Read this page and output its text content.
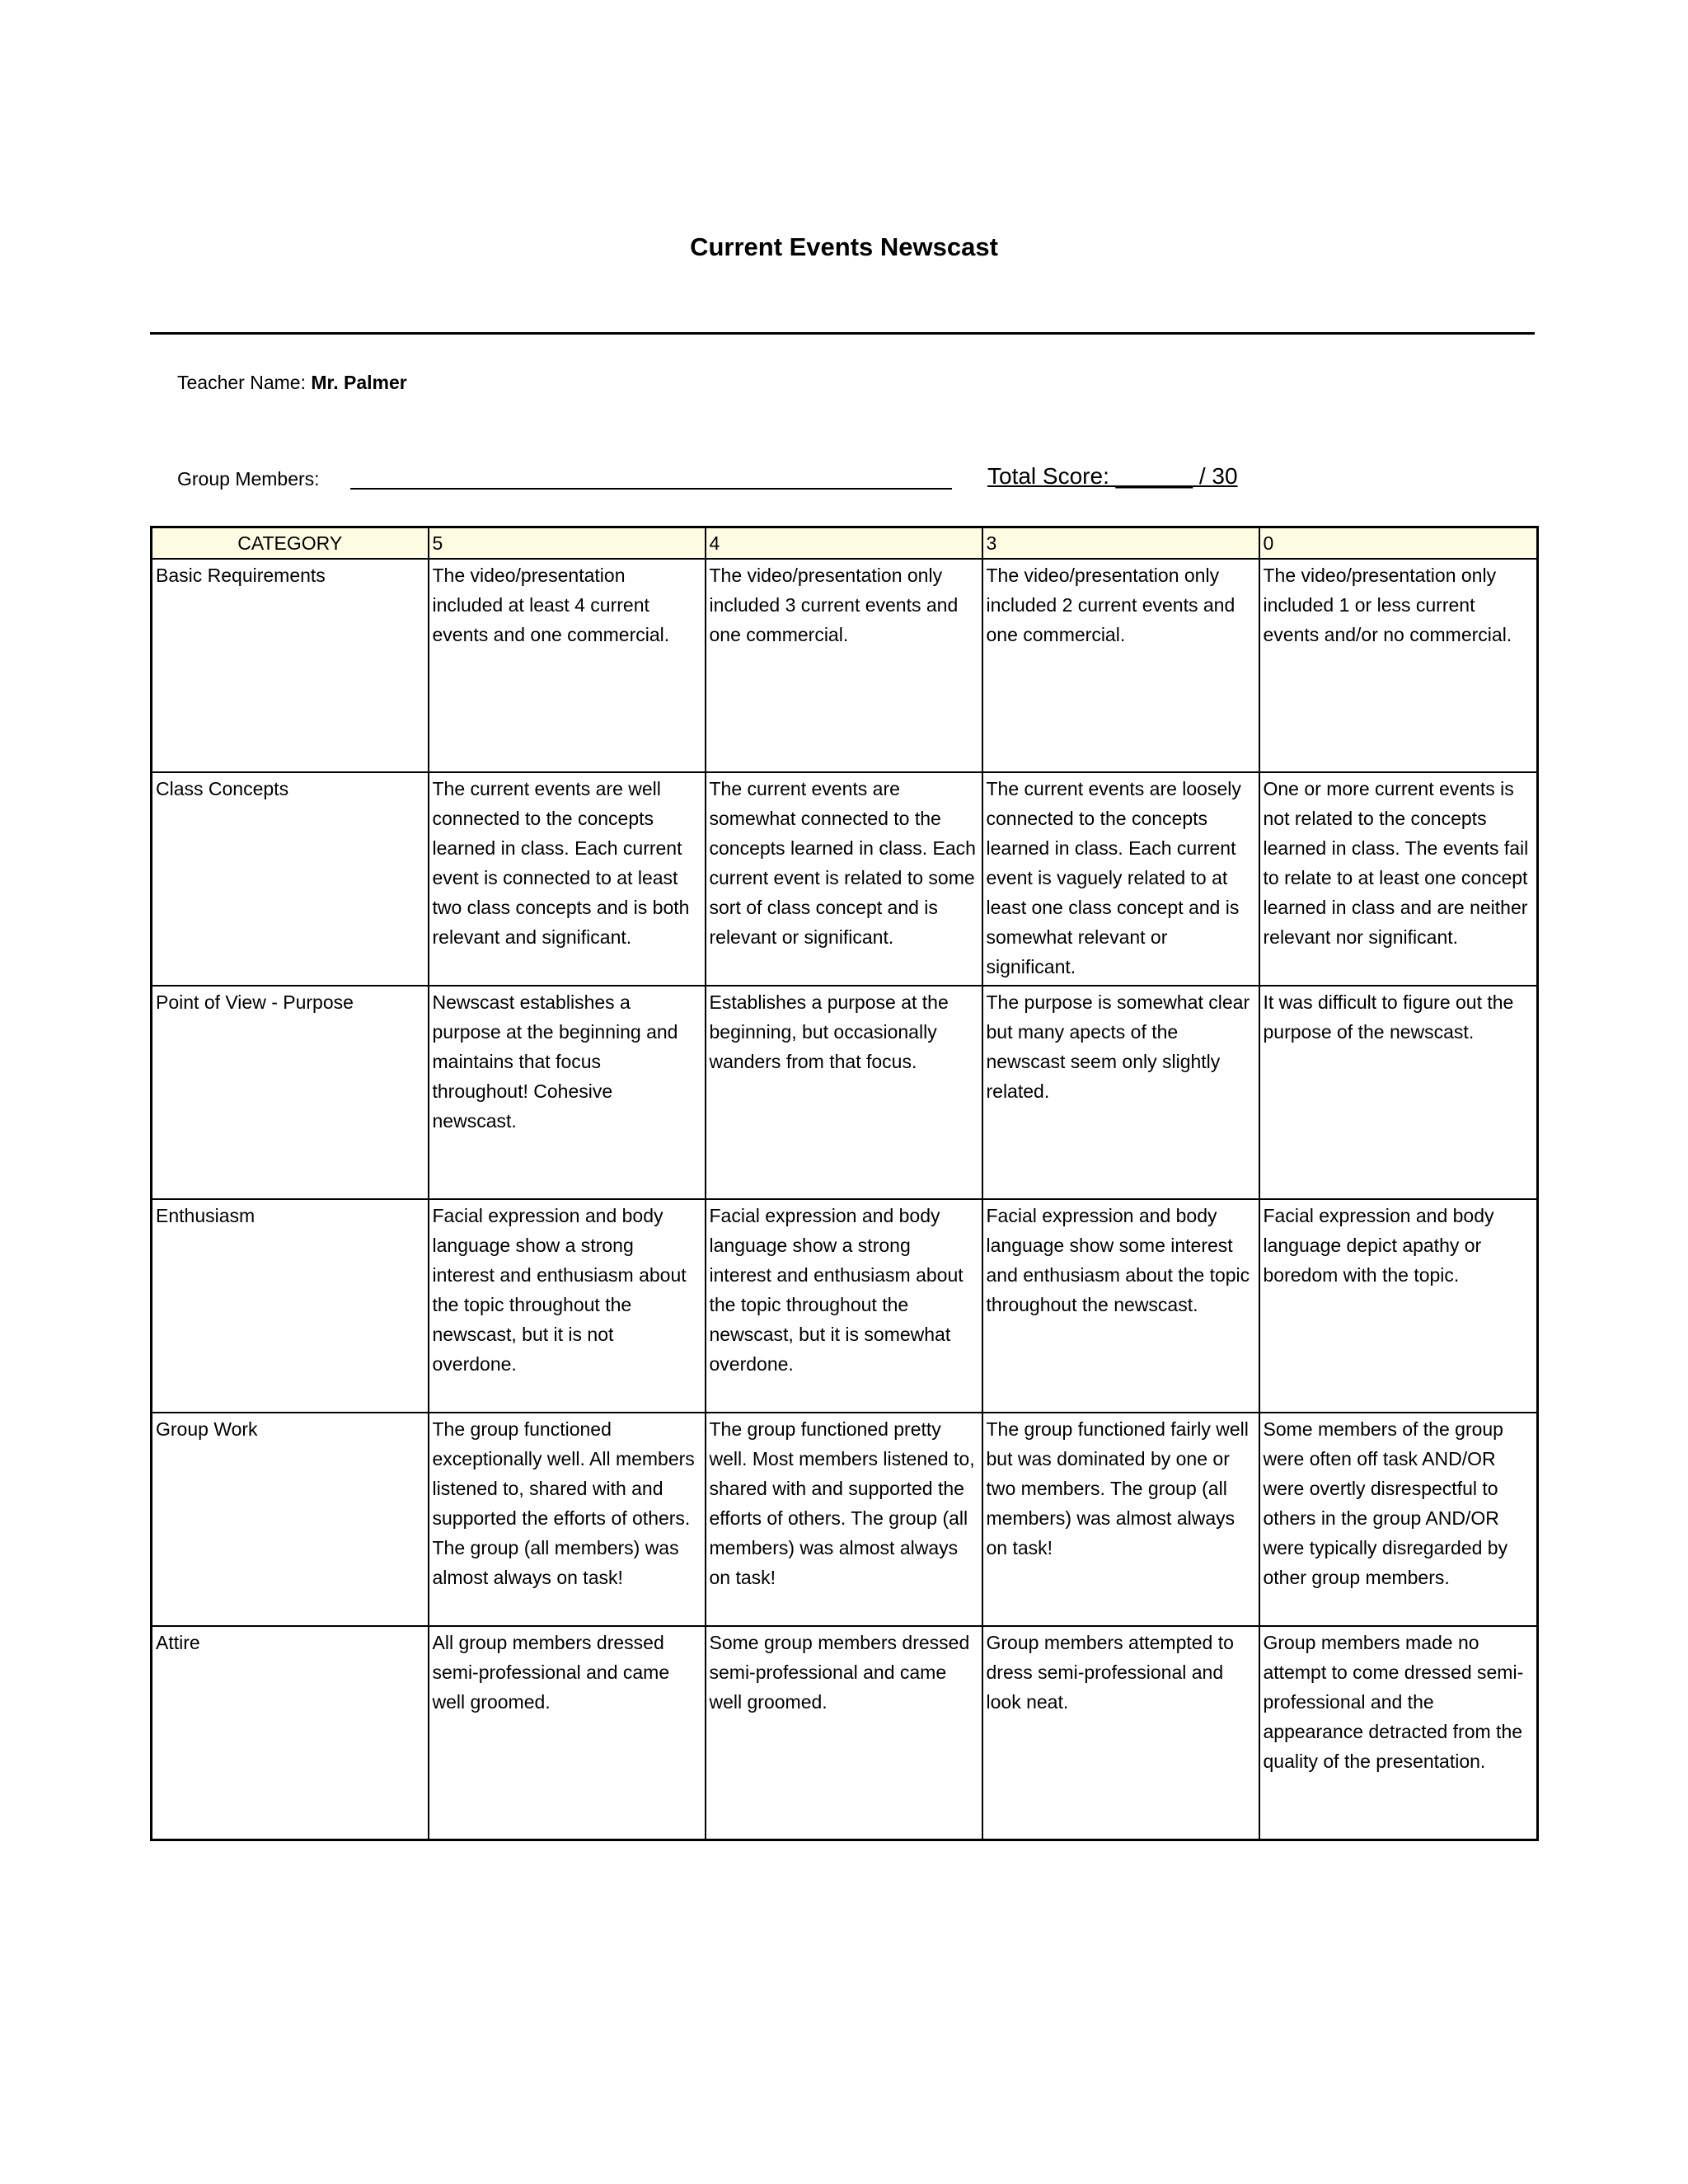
Current Events Newscast
Teacher Name: Mr. Palmer
Group Members:	Total Score: ______ / 30
CATEGORY	5	4	3	0
Basic Requirements	The video/presentation included at least 4 current events and one commercial.	The video/presentation only included 3 current events and one commercial.	The video/presentation only included 2 current events and one commercial.	The video/presentation only included 1 or less current events and/or no commercial.
Class Concepts	The current events are well connected to the concepts learned in class. Each current event is connected to at least two class concepts and is both relevant and significant.	The current events are somewhat connected to the concepts learned in class. Each current event is related to some sort of class concept and is relevant or significant.	The current events are loosely connected to the concepts learned in class. Each current event is vaguely related to at least one class concept and is somewhat relevant or significant.	One or more current events is not related to the concepts learned in class. The events fail to relate to at least one concept learned in class and are neither relevant nor significant.
Point of View - Purpose	Newscast establishes a purpose at the beginning and maintains that focus throughout! Cohesive newscast.	Establishes a purpose at the beginning, but occasionally wanders from that focus.	The purpose is somewhat clear but many apects of the newscast seem only slightly related.	It was difficult to figure out the purpose of the newscast.
Enthusiasm	Facial expression and body language show a strong interest and enthusiasm about the topic throughout the newscast, but it is not overdone.	Facial expression and body language show a strong interest and enthusiasm about the topic throughout the newscast, but it is somewhat overdone.	Facial expression and body language show some interest and enthusiasm about the topic throughout the newscast.	Facial expression and body language depict apathy or boredom with the topic.
Group Work	The group functioned exceptionally well. All members listened to, shared with and supported the efforts of others. The group (all members) was almost always on task!	The group functioned pretty well. Most members listened to, shared with and supported the efforts of others. The group (all members) was almost always on task!	The group functioned fairly well but was dominated by one or two members. The group (all members) was almost always on task!	Some members of the group were often off task AND/OR were overtly disrespectful to others in the group AND/OR were typically disregarded by other group members.
Attire	All group members dressed semi-professional and came well groomed.	Some group members dressed semi-professional and came well groomed.	Group members attempted to dress semi-professional and look neat.	Group members made no attempt to come dressed semi-professional and the appearance detracted from the quality of the presentation.
